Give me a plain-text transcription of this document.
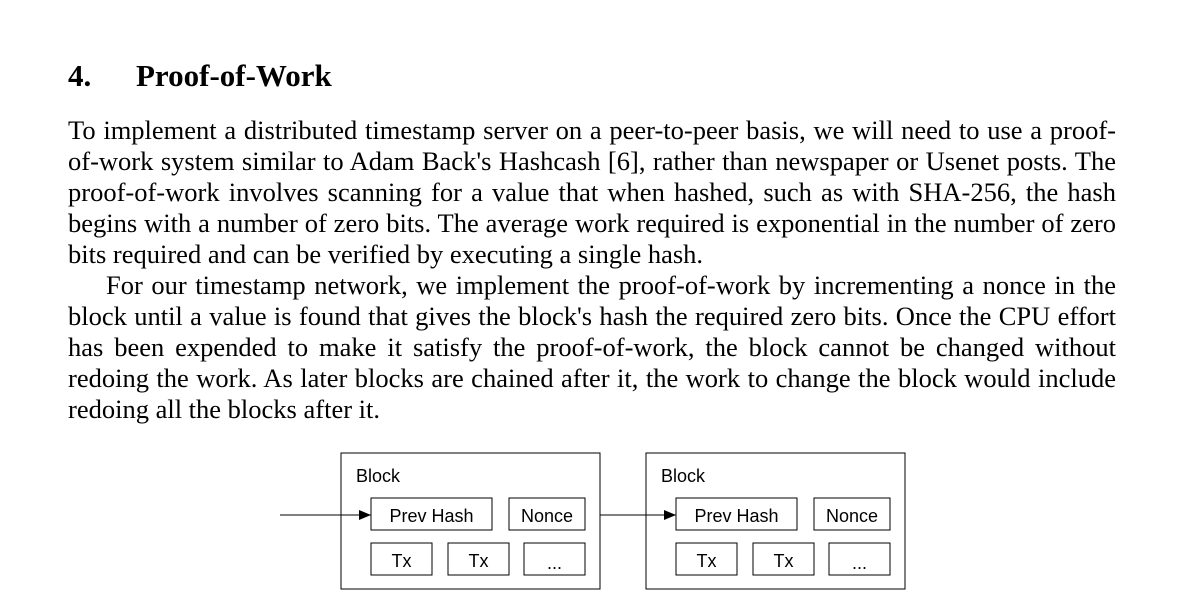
4. Proof-of-Work

To implement a distributed timestamp server on a peer-to-peer basis, we will need to use a proof-of-work system similar to Adam Back's Hashcash [6], rather than newspaper or Usenet posts. The proof-of-work involves scanning for a value that when hashed, such as with SHA-256, the hash begins with a number of zero bits. The average work required is exponential in the number of zero bits required and can be verified by executing a single hash.

For our timestamp network, we implement the proof-of-work by incrementing a nonce in the block until a value is found that gives the block's hash the required zero bits. Once the CPU effort has been expended to make it satisfy the proof-of-work, the block cannot be changed without redoing the work. As later blocks are chained after it, the work to change the block would include redoing all the blocks after it.

Block
Prev Hash	Nonce
Tx	Tx	...
Block
Prev Hash	Nonce
Tx	Tx	...
